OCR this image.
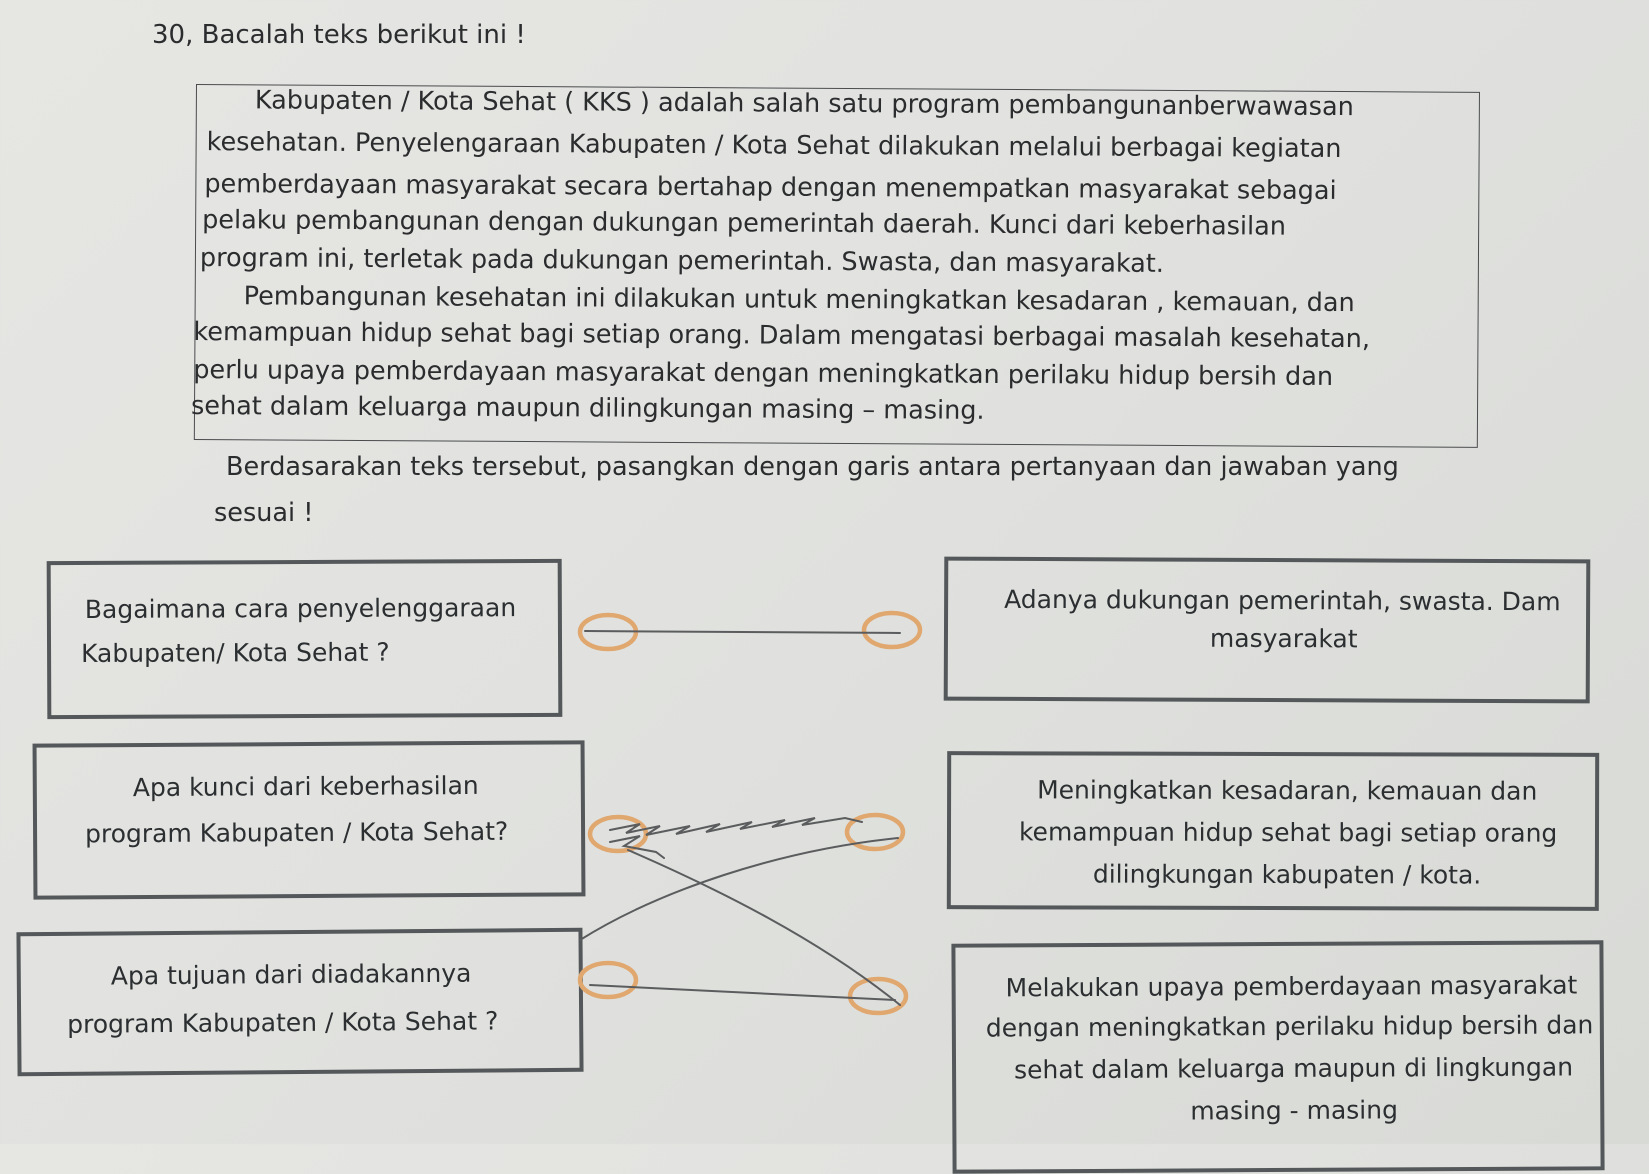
30, Bacalah teks berikut ini !
Kabupaten / Kota Sehat ( KKS ) adalah salah satu program pembangunanberwawasan
kesehatan. Penyelengaraan Kabupaten / Kota Sehat dilakukan melalui berbagai kegiatan
pemberdayaan masyarakat secara bertahap dengan menempatkan masyarakat sebagai
pelaku pembangunan dengan dukungan pemerintah daerah. Kunci dari keberhasilan
program ini, terletak pada dukungan pemerintah. Swasta, dan masyarakat.
Pembangunan kesehatan ini dilakukan untuk meningkatkan kesadaran , kemauan, dan
kemampuan hidup sehat bagi setiap orang. Dalam mengatasi berbagai masalah kesehatan,
perlu upaya pemberdayaan masyarakat dengan meningkatkan perilaku hidup bersih dan
sehat dalam keluarga maupun dilingkungan masing – masing.
Berdasarakan teks tersebut, pasangkan dengan garis antara pertanyaan dan jawaban yang
sesuai !
Bagaimana cara penyelenggaraan
Kabupaten/ Kota Sehat ?
Apa kunci dari keberhasilan
program Kabupaten / Kota Sehat?
Apa tujuan dari diadakannya
program Kabupaten / Kota Sehat ?
Adanya dukungan pemerintah, swasta. Dam
masyarakat
Meningkatkan kesadaran, kemauan dan
kemampuan hidup sehat bagi setiap orang
dilingkungan kabupaten / kota.
Melakukan upaya pemberdayaan masyarakat
dengan meningkatkan perilaku hidup bersih dan
sehat dalam keluarga maupun di lingkungan
masing - masing
